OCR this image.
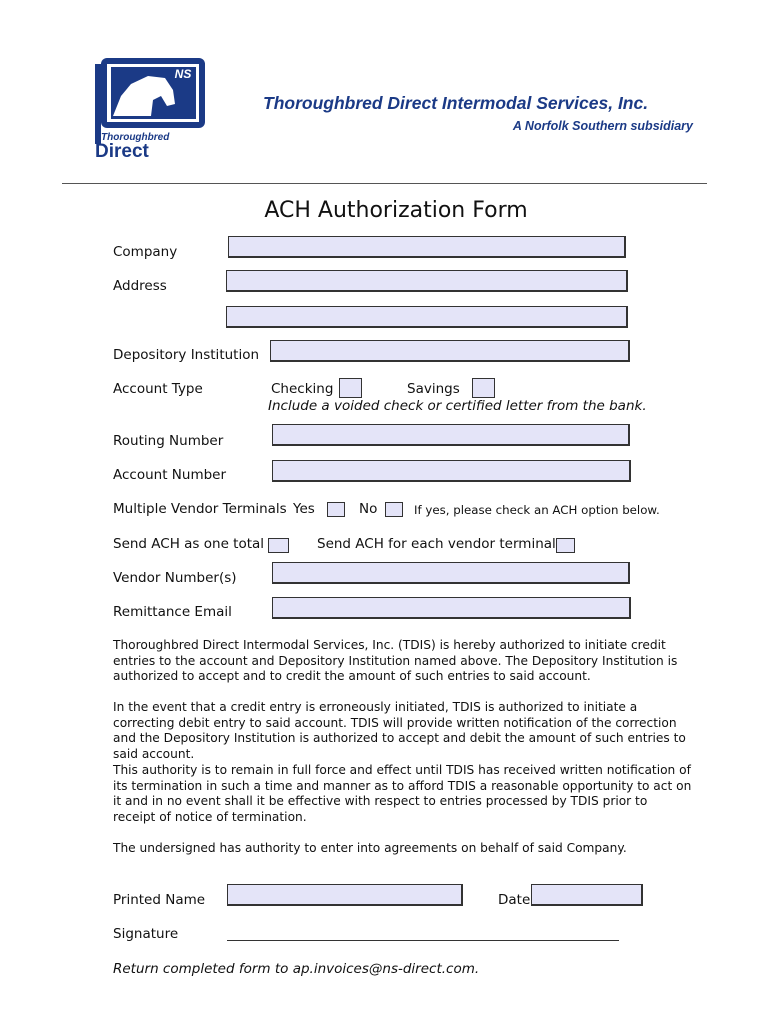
NS
Thoroughbred
Direct
Thoroughbred Direct Intermodal Services, Inc.
A Norfolk Southern subsidiary
ACH Authorization Form
Company
Address
Depository Institution
Account Type	Checking	Savings
Include a voided check or certified letter from the bank.
Routing Number
Account Number
Multiple Vendor Terminals Yes	No	If yes, please check an ACH option below.
Send ACH as one total	Send ACH for each vendor terminal
Vendor Number(s)
Remittance Email
Thoroughbred Direct Intermodal Services, Inc. (TDIS) is hereby authorized to initiate credit entries to the account and Depository Institution named above. The Depository Institution is authorized to accept and to credit the amount of such entries to said account.
In the event that a credit entry is erroneously initiated, TDIS is authorized to initiate a correcting debit entry to said account. TDIS will provide written notification of the correction and the Depository Institution is authorized to accept and debit the amount of such entries to said account.
This authority is to remain in full force and effect until TDIS has received written notification of its termination in such a time and manner as to afford TDIS a reasonable opportunity to act on it and in no event shall it be effective with respect to entries processed by TDIS prior to receipt of notice of termination.
The undersigned has authority to enter into agreements on behalf of said Company.
Printed Name	Date
Signature
Return completed form to ap.invoices@ns-direct.com.
